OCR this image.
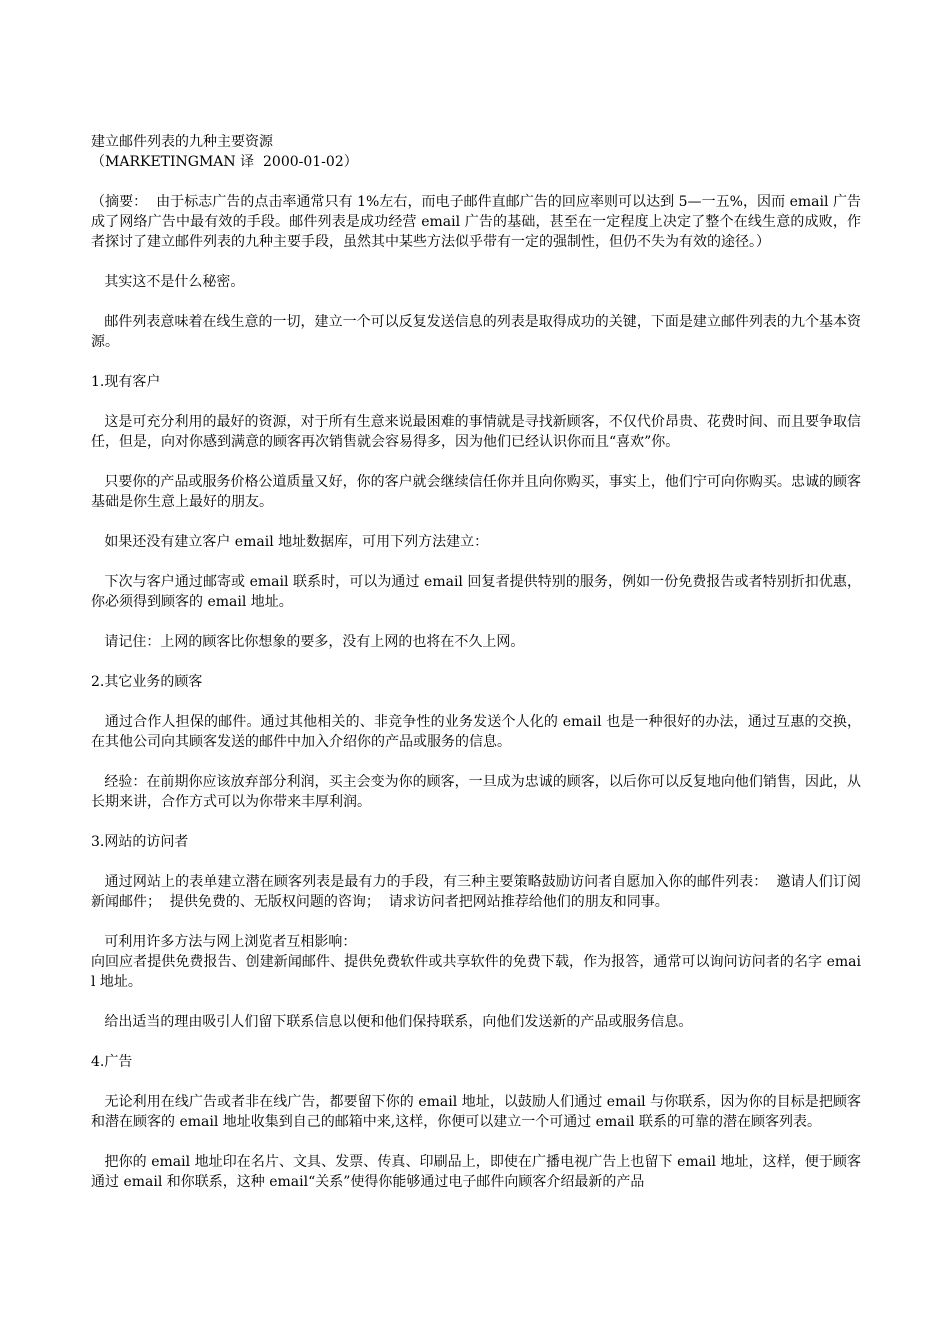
建立邮件列表的九种主要资源
（MARKETINGMAN 译  2000-01-02）
（摘要：  由于标志广告的点击率通常只有 1%左右，而电子邮件直邮广告的回应率则可以达到 5—一五%，因而 email 广告成了网络广告中最有效的手段。邮件列表是成功经营 email 广告的基础，甚至在一定程度上决定了整个在线生意的成败，作者探讨了建立邮件列表的九种主要手段，虽然其中某些方法似乎带有一定的强制性，但仍不失为有效的途径。）
其实这不是什么秘密。
邮件列表意味着在线生意的一切，建立一个可以反复发送信息的列表是取得成功的关键，下面是建立邮件列表的九个基本资源。
1.现有客户
这是可充分利用的最好的资源，对于所有生意来说最困难的事情就是寻找新顾客，不仅代价昂贵、花费时间、而且要争取信任，但是，向对你感到满意的顾客再次销售就会容易得多，因为他们已经认识你而且“喜欢”你。
只要你的产品或服务价格公道质量又好，你的客户就会继续信任你并且向你购买，事实上，他们宁可向你购买。忠诚的顾客基础是你生意上最好的朋友。
如果还没有建立客户 email 地址数据库，可用下列方法建立：
下次与客户通过邮寄或 email 联系时，可以为通过 email 回复者提供特别的服务，例如一份免费报告或者特别折扣优惠，你必须得到顾客的 email 地址。
请记住：上网的顾客比你想象的要多，没有上网的也将在不久上网。
2.其它业务的顾客
通过合作人担保的邮件。通过其他相关的、非竞争性的业务发送个人化的 email 也是一种很好的办法，通过互惠的交换，在其他公司向其顾客发送的邮件中加入介绍你的产品或服务的信息。
经验：在前期你应该放弃部分利润，买主会变为你的顾客，一旦成为忠诚的顾客，以后你可以反复地向他们销售，因此，从长期来讲，合作方式可以为你带来丰厚利润。
3.网站的访问者
通过网站上的表单建立潜在顾客列表是最有力的手段，有三种主要策略鼓励访问者自愿加入你的邮件列表：  邀请人们订阅新闻邮件；  提供免费的、无版权问题的咨询；  请求访问者把网站推荐给他们的朋友和同事。
可利用许多方法与网上浏览者互相影响：
向回应者提供免费报告、创建新闻邮件、提供免费软件或共享软件的免费下载，作为报答，通常可以询问访问者的名字 email 地址。
给出适当的理由吸引人们留下联系信息以便和他们保持联系，向他们发送新的产品或服务信息。
4.广告
无论利用在线广告或者非在线广告，都要留下你的 email 地址，以鼓励人们通过 email 与你联系，因为你的目标是把顾客和潜在顾客的 email 地址收集到自己的邮箱中来,这样，你便可以建立一个可通过 email 联系的可靠的潜在顾客列表。
把你的 email 地址印在名片、文具、发票、传真、印刷品上，即使在广播电视广告上也留下 email 地址，这样，便于顾客通过 email 和你联系，这种 email“关系”使得你能够通过电子邮件向顾客介绍最新的产品
